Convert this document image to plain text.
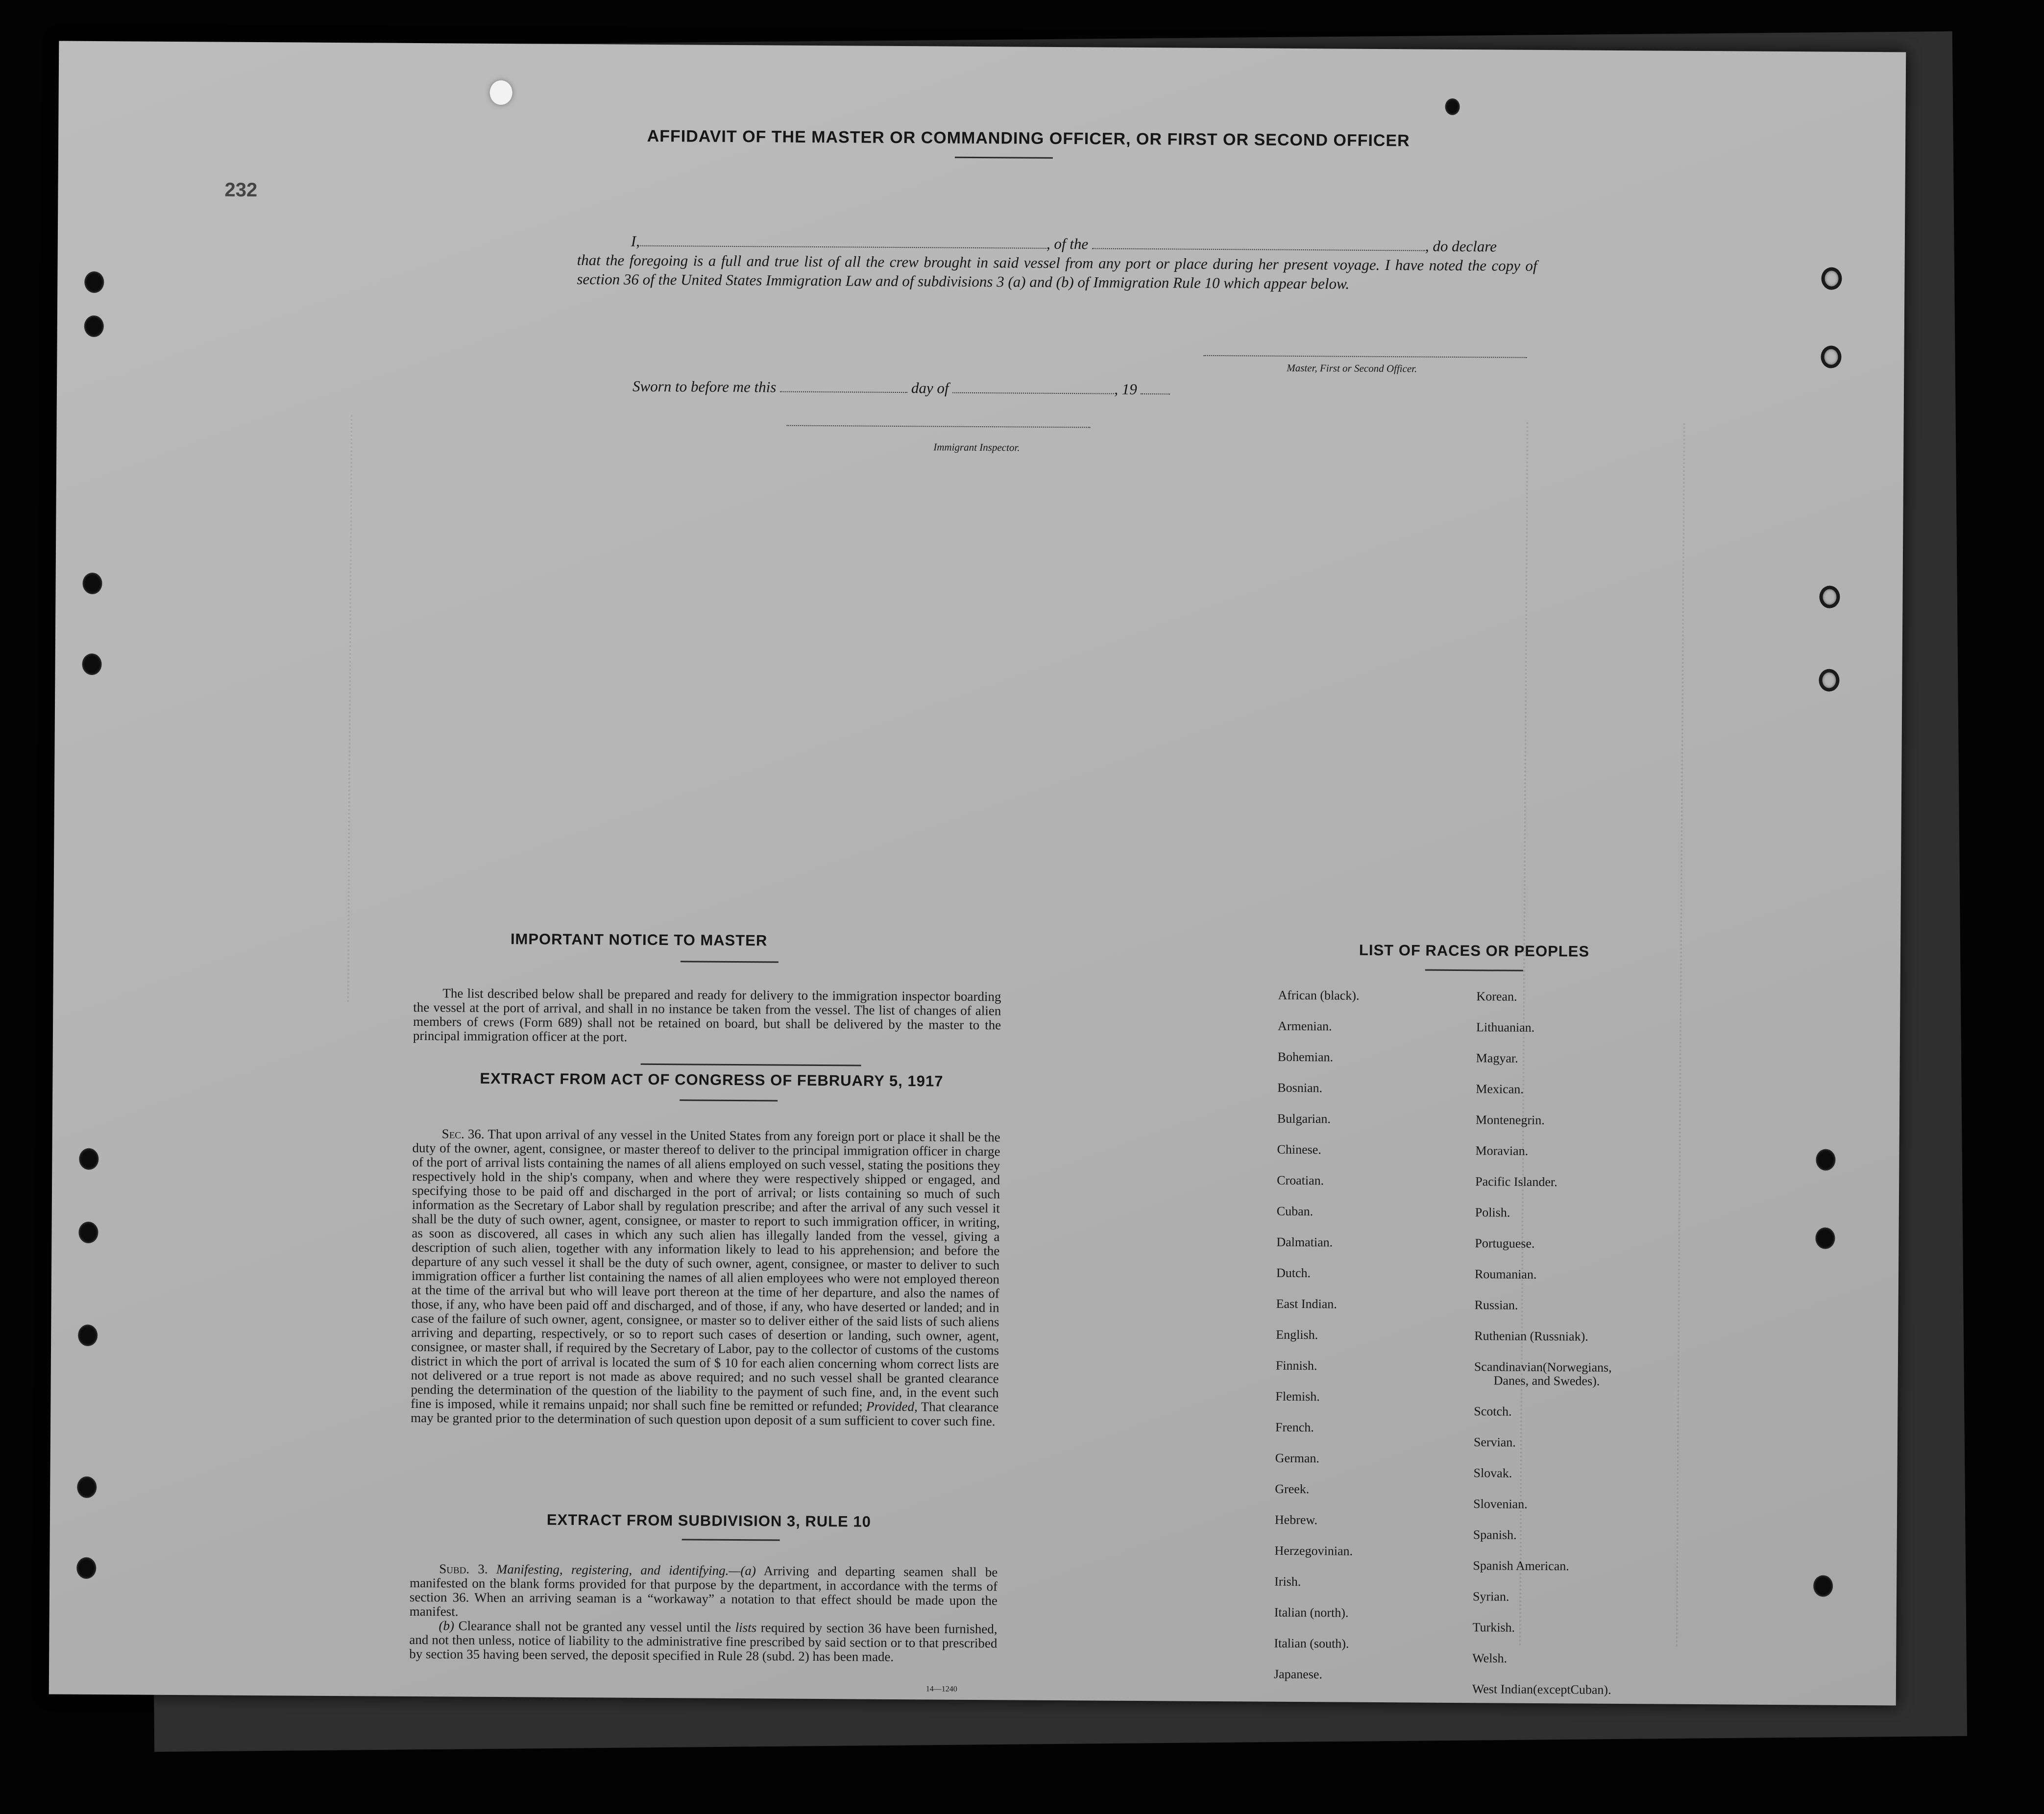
232
AFFIDAVIT OF THE MASTER OR COMMANDING OFFICER, OR FIRST OR SECOND OFFICER
I,	, of the	, do declare
that the foregoing is a full and true list of all the crew brought in said vessel from any port or place during her present voyage. I have noted the copy of section 36 of the United States Immigration Law and of subdivisions 3 (a) and (b) of Immigration Rule 10 which appear below.
Master, First or Second Officer.
Sworn to before me this	day of	, 19
Immigrant Inspector.
IMPORTANT NOTICE TO MASTER
The list described below shall be prepared and ready for delivery to the immigration inspector boarding the vessel at the port of arrival, and shall in no instance be taken from the vessel. The list of changes of alien members of crews (Form 689) shall not be retained on board, but shall be delivered by the master to the principal immigration officer at the port.
EXTRACT FROM ACT OF CONGRESS OF FEBRUARY 5, 1917
Sec. 36. That upon arrival of any vessel in the United States from any foreign port or place it shall be the duty of the owner, agent, consignee, or master thereof to deliver to the principal immigration officer in charge of the port of arrival lists containing the names of all aliens employed on such vessel, stating the positions they respectively hold in the ship's company, when and where they were respectively shipped or engaged, and specifying those to be paid off and discharged in the port of arrival; or lists containing so much of such information as the Secretary of Labor shall by regulation prescribe; and after the arrival of any such vessel it shall be the duty of such owner, agent, consignee, or master to report to such immigration officer, in writing, as soon as discovered, all cases in which any such alien has illegally landed from the vessel, giving a description of such alien, together with any information likely to lead to his apprehension; and before the departure of any such vessel it shall be the duty of such owner, agent, consignee, or master to deliver to such immigration officer a further list containing the names of all alien employees who were not employed thereon at the time of the arrival but who will leave port thereon at the time of her departure, and also the names of those, if any, who have been paid off and discharged, and of those, if any, who have deserted or landed; and in case of the failure of such owner, agent, consignee, or master so to deliver either of the said lists of such aliens arriving and departing, respectively, or so to report such cases of desertion or landing, such owner, agent, consignee, or master shall, if required by the Secretary of Labor, pay to the collector of customs of the customs district in which the port of arrival is located the sum of $ 10 for each alien concerning whom correct lists are not delivered or a true report is not made as above required; and no such vessel shall be granted clearance pending the determination of the question of the liability to the payment of such fine, and, in the event such fine is imposed, while it remains unpaid; nor shall such fine be remitted or refunded; Provided, That clearance may be granted prior to the determination of such question upon deposit of a sum sufficient to cover such fine.
EXTRACT FROM SUBDIVISION 3, RULE 10
Subd. 3. Manifesting, registering, and identifying.—(a) Arriving and departing seamen shall be manifested on the blank forms provided for that purpose by the department, in accordance with the terms of section 36. When an arriving seaman is a “workaway” a notation to that effect should be made upon the manifest.
(b) Clearance shall not be granted any vessel until the lists required by section 36 have been furnished, and not then unless, notice of liability to the administrative fine prescribed by said section or to that prescribed by section 35 having been served, the deposit specified in Rule 28 (subd. 2) has been made.
14—1240
LIST OF RACES OR PEOPLES
African (black).
Armenian.
Bohemian.
Bosnian.
Bulgarian.
Chinese.
Croatian.
Cuban.
Dalmatian.
Dutch.
East Indian.
English.
Finnish.
Flemish.
French.
German.
Greek.
Hebrew.
Herzegovinian.
Irish.
Italian (north).
Italian (south).
Japanese.
Korean.
Lithuanian.
Magyar.
Mexican.
Montenegrin.
Moravian.
Pacific Islander.
Polish.
Portuguese.
Roumanian.
Russian.
Ruthenian (Russniak).
Scandinavian(Norwegians,
Danes, and Swedes).
Scotch.
Servian.
Slovak.
Slovenian.
Spanish.
Spanish American.
Syrian.
Turkish.
Welsh.
West Indian(exceptCuban).
